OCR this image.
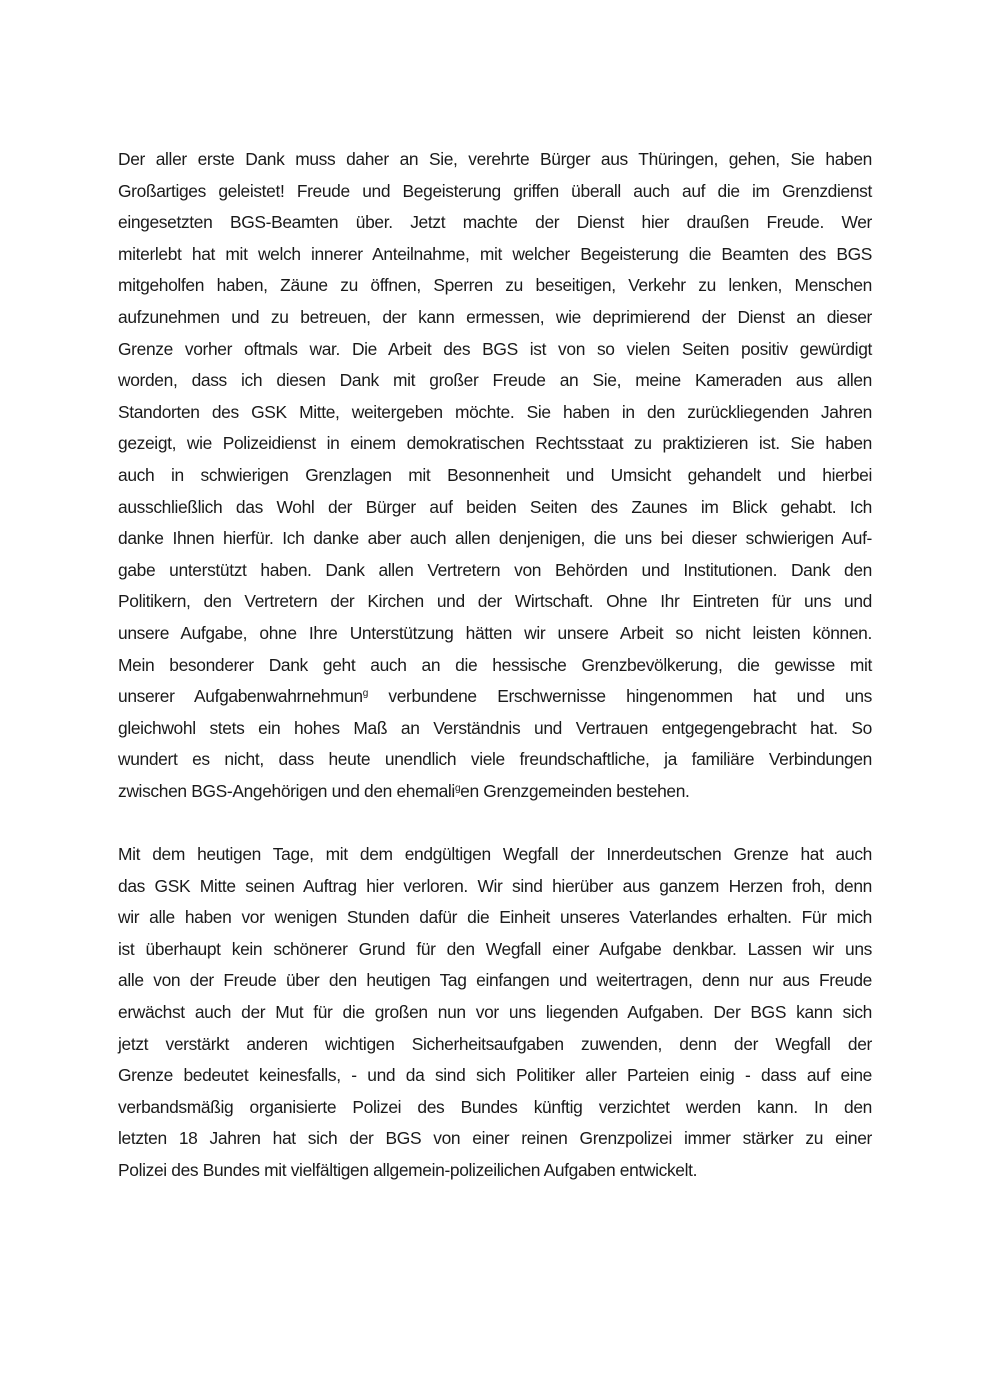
Der aller erste Dank muss daher an Sie, verehrte Bürger aus Thüringen, gehen, Sie haben
Großartiges geleistet! Freude und Begeisterung griffen überall auch auf die im Grenzdienst
eingesetzten BGS-Beamten über. Jetzt machte der Dienst hier draußen Freude. Wer
miterlebt hat mit welch innerer Anteilnahme, mit welcher Begeisterung die Beamten des BGS
mitgeholfen haben, Zäune zu öffnen, Sperren zu beseitigen, Verkehr zu lenken, Menschen
aufzunehmen und zu betreuen, der kann ermessen, wie deprimierend der Dienst an dieser
Grenze vorher oftmals war. Die Arbeit des BGS ist von so vielen Seiten positiv gewürdigt
worden, dass ich diesen Dank mit großer Freude an Sie, meine Kameraden aus allen
Standorten des GSK Mitte, weitergeben möchte. Sie haben in den zurückliegenden Jahren
gezeigt, wie Polizeidienst in einem demokratischen Rechtsstaat zu praktizieren ist. Sie haben
auch in schwierigen Grenzlagen mit Besonnenheit und Umsicht gehandelt und hierbei
ausschließlich das Wohl der Bürger auf beiden Seiten des Zaunes im Blick gehabt. Ich
danke Ihnen hierfür. Ich danke aber auch allen denjenigen, die uns bei dieser schwierigen Auf-
gabe unterstützt haben. Dank allen Vertretern von Behörden und Institutionen. Dank den
Politikern, den Vertretern der Kirchen und der Wirtschaft. Ohne Ihr Eintreten für uns und
unsere Aufgabe, ohne Ihre Unterstützung hätten wir unsere Arbeit so nicht leisten können.
Mein besonderer Dank geht auch an die hessische Grenzbevölkerung, die gewisse mit
unserer Aufgabenwahrnehmun$^g$ verbundene Erschwernisse hingenommen hat und uns
gleichwohl stets ein hohes Maß an Verständnis und Vertrauen entgegengebracht hat. So
wundert es nicht, dass heute unendlich viele freundschaftliche, ja familiäre Verbindungen
zwischen BGS-Angehörigen und den ehemali$^g$en Grenzgemeinden bestehen.
Mit dem heutigen Tage, mit dem endgültigen Wegfall der Innerdeutschen Grenze hat auch
das GSK Mitte seinen Auftrag hier verloren. Wir sind hierüber aus ganzem Herzen froh, denn
wir alle haben vor wenigen Stunden dafür die Einheit unseres Vaterlandes erhalten. Für mich
ist überhaupt kein schönerer Grund für den Wegfall einer Aufgabe denkbar. Lassen wir uns
alle von der Freude über den heutigen Tag einfangen und weitertragen, denn nur aus Freude
erwächst auch der Mut für die großen nun vor uns liegenden Aufgaben. Der BGS kann sich
jetzt verstärkt anderen wichtigen Sicherheitsaufgaben zuwenden, denn der Wegfall der
Grenze bedeutet keinesfalls, - und da sind sich Politiker aller Parteien einig - dass auf eine
verbandsmäßig organisierte Polizei des Bundes künftig verzichtet werden kann. In den
letzten 18 Jahren hat sich der BGS von einer reinen Grenzpolizei immer stärker zu einer
Polizei des Bundes mit vielfältigen allgemein-polizeilichen Aufgaben entwickelt.
